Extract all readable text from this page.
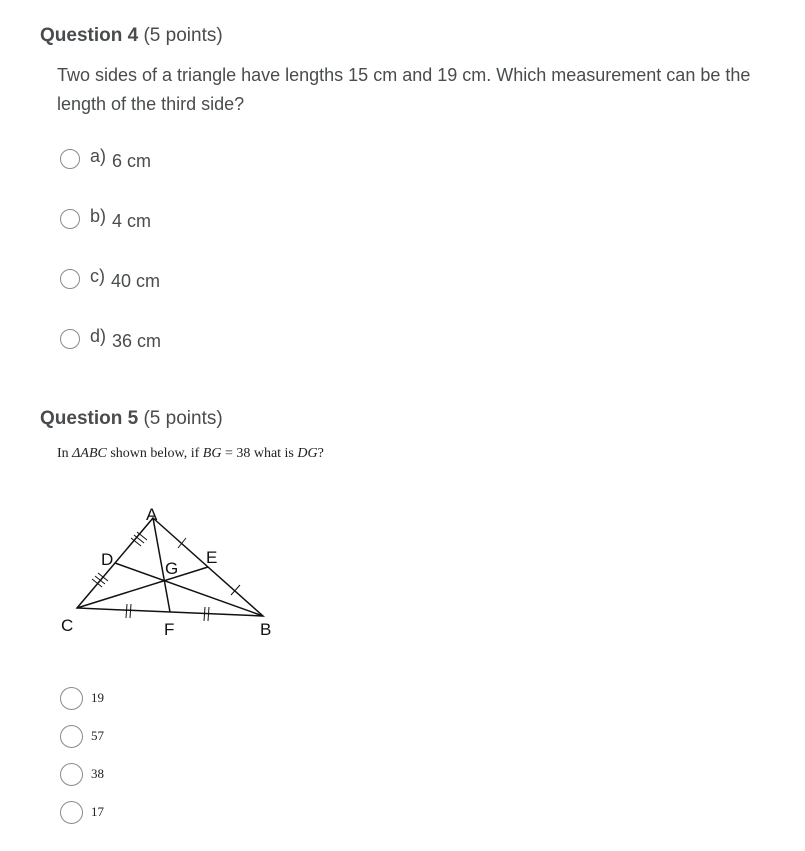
Question 4 (5 points)
Two sides of a triangle have lengths 15 cm and 19 cm. Which measurement can be the length of the third side?
a) 6 cm
b) 4 cm
c) 40 cm
d) 36 cm
Question 5 (5 points)
In ΔABC shown below, if BG = 38 what is DG?
A
B
C
D	E
F
G
19
57
38
17
